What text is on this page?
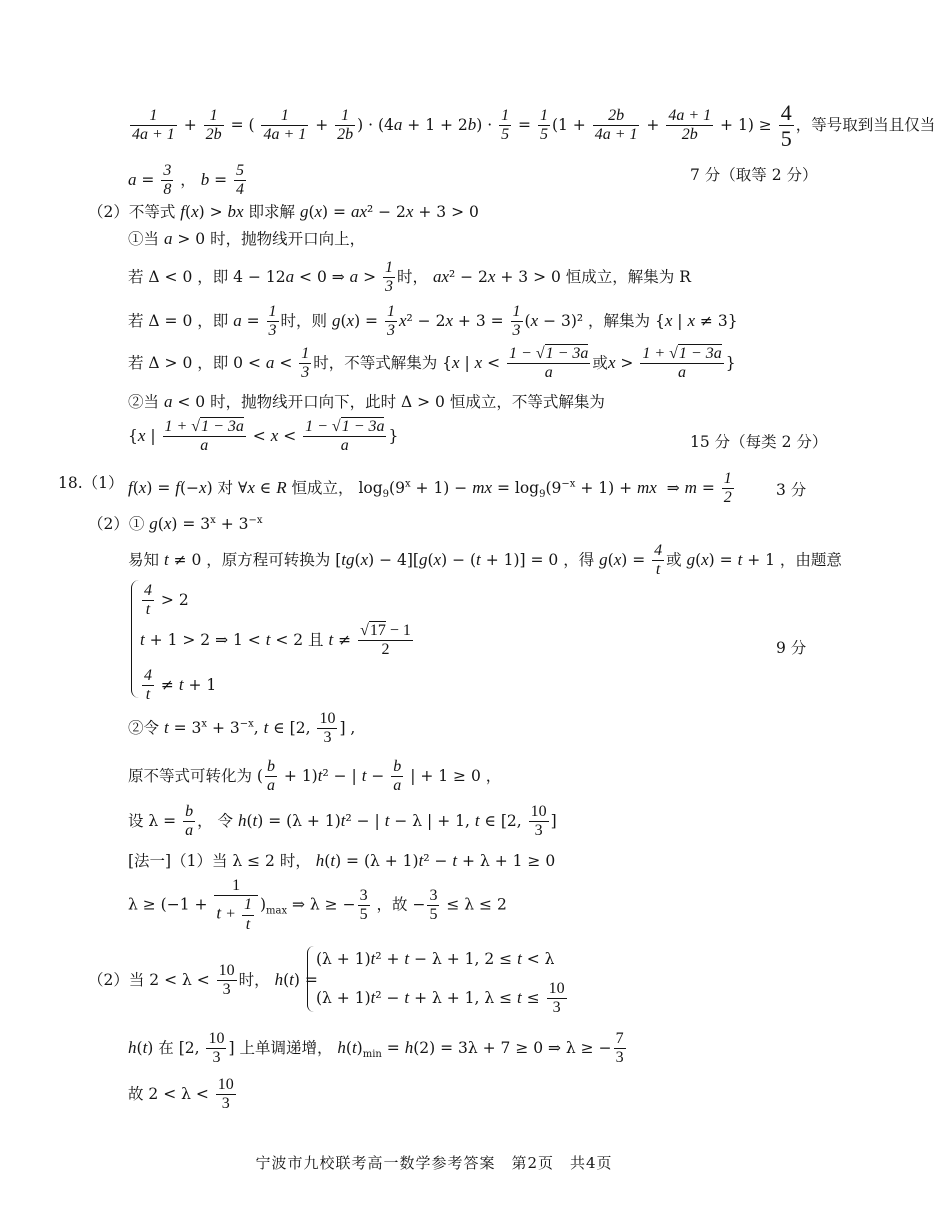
$\frac{1}{4a + 1} + \frac{1}{2b}$ = ( $\frac{1}{4a + 1} + \frac{1}{2b}$ ) · $(4a + 1 + 2b) \cdot \frac{1}{5} = \frac{1}{5} (1 + \frac{2b}{4a + 1} + \frac{4a + 1}{2b} + 1) \ge \frac{4}{5}$ ，等号取到当且仅当
$a = \frac{3}{8}$ ， $b = \frac{5}{4}$	7 分（取等 2 分）
（2）不等式 f(x) > bx 即求解 g(x) = ax² − 2x + 3 > 0
①当 a > 0 时，抛物线开口向上，
若 Δ < 0 ，即 4 − 12a < 0 ⇒ $a > \frac{1}{3}$ 时， ax² − 2x + 3 > 0 恒成立，解集为 R
若 Δ = 0 ，即 $a = \frac{1}{3}$ 时，则 $g(x) = \frac{1}{3} x^2 - 2x + 3 = \frac{1}{3} (x - 3)^2$ ，解集为 {x | x ≠ 3}
若 Δ > 0 ，即 $0 < a < \frac{1}{3}$ 时，不等式解集为 {x | $x < \frac{1 - √1 - 3a}{a}$ 或$x > \frac{1 + √1 - 3a}{a}$ }
②当 a < 0 时，抛物线开口向下，此时 Δ > 0 恒成立，不等式解集为
{x | $\frac{1 + √1 - 3a}{a} < x < \frac{1 - √1 - 3a}{a}$ }	15 分（每类 2 分）
18.（1） f(x) = f(−x) 对 ∀x ∈ R 恒成立， $\log_9(9^x + 1)$ − mx = $\log_9(9^{-x} + 1)$ + mx  ⇒ $m = \frac{1}{2}$	3 分
（2）① $g(x) = 3^x + 3^{-x}$
易知 t ≠ 0 ，原方程可转换为 [tg(x) − 4][g(x) − (t + 1)] = 0 ，得 $g(x) = \frac{4}{t}$ 或 g(x) = t + 1 ，由题意
$\frac{4}{t} > 2$
t + 1 > 2 ⇒ 1 < t < 2 且 $t \ne \frac{√17 - 1}{2}$
$\frac{4}{t} \ne t + 1$
9 分
②令 $t = 3^x + 3^{-x}$, t ∈ [2, $\frac{10}{3}$ ] ,
原不等式可转化为 ( $\frac{b}{a} + 1)t^2$ − | $t - \frac{b}{a}$ | + 1 ≥ 0 ，
设 $\lambda = \frac{b}{a}$ ， 令 h(t) = (λ + 1)t² − | t − λ | + 1, t ∈ [2, $\frac{10}{3}$ ]
[法一]（1）当 λ ≤ 2 时， h(t) = (λ + 1)t² − t + λ + 1 ≥ 0
$\lambda \ge (-1 + \frac{1}{t + \frac{1}{t}} )_{max}$ ⇒ λ ≥ − $\frac{3}{5}$ ，故 − $\frac{3}{5} \le \lambda \le 2$
（2）当 $2 < \lambda < \frac{10}{3}$ 时， h(t) =
(λ + 1)t² + t − λ + 1, 2 ≤ t < λ
(λ + 1)t² − t + λ + 1, $\lambda \le t \le \frac{10}{3}$
h(t) 在 [2, $\frac{10}{3}$ ] 上单调递增， $h(t)_{min} = h(2) = 3\lambda + 7 \ge 0$ ⇒ λ ≥ − $\frac{7}{3}$
故 $2 < \lambda < \frac{10}{3}$
宁波市九校联考高一数学参考答案　第2页　共4页
